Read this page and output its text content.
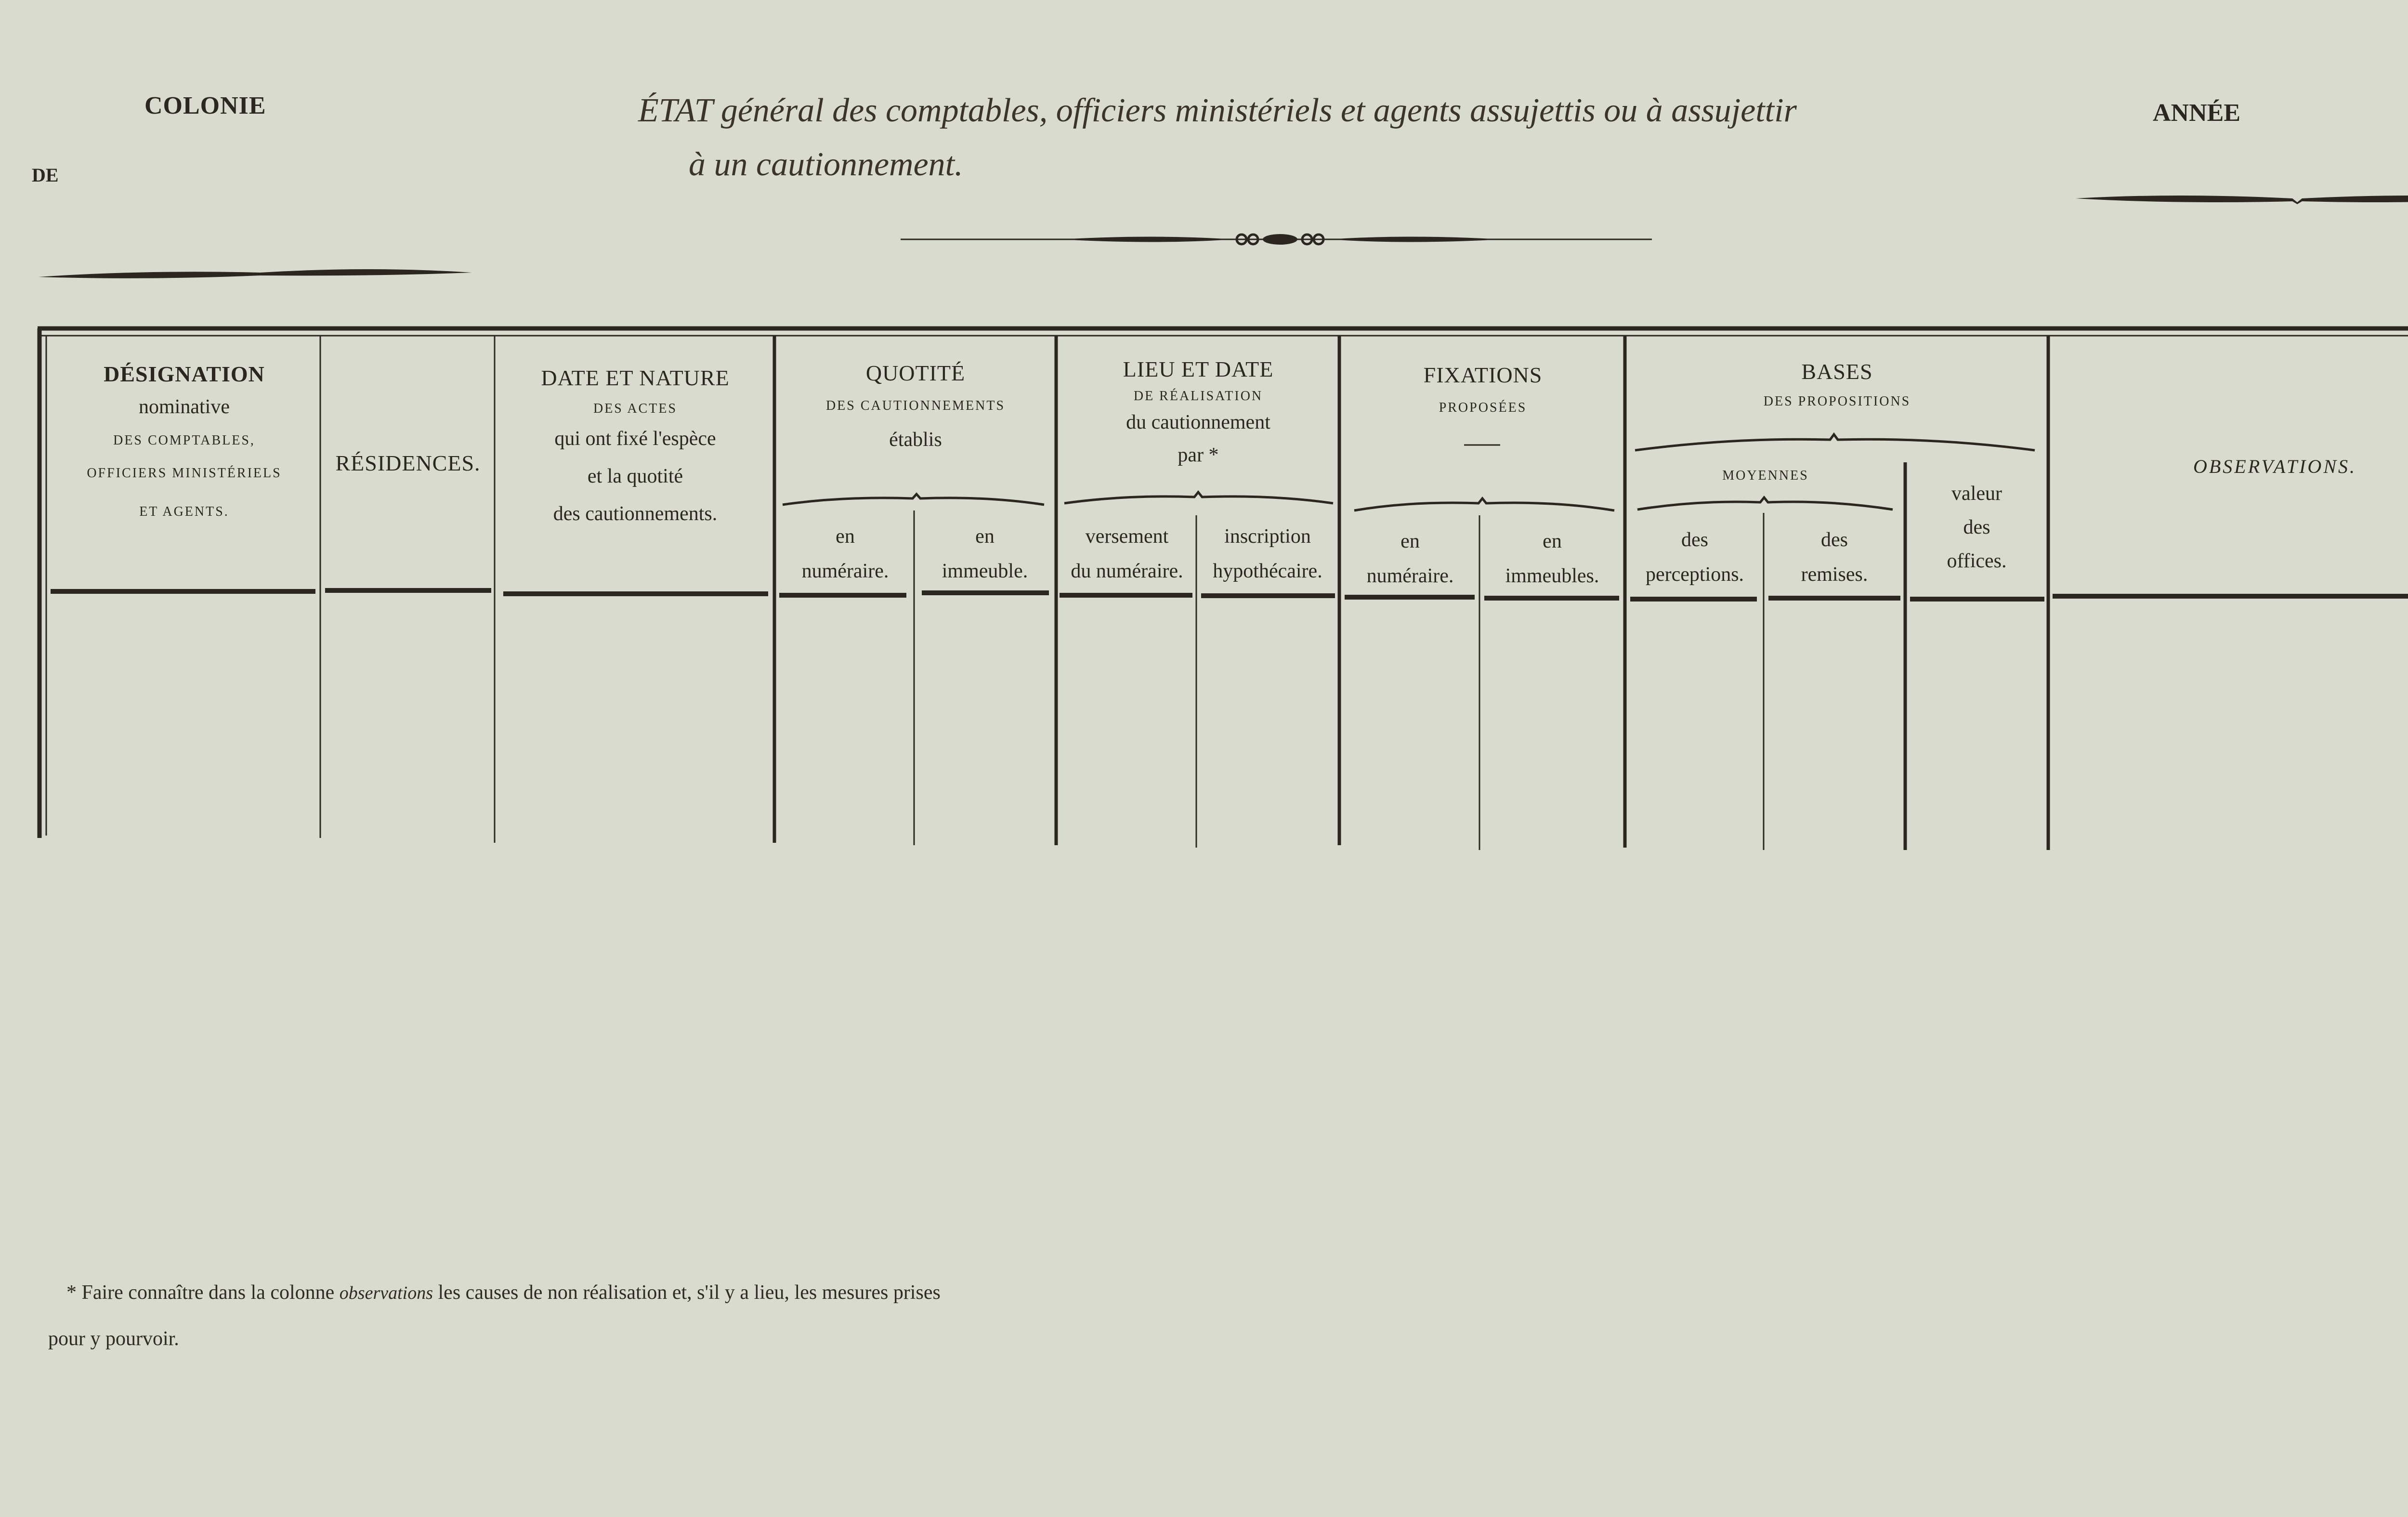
COLONIE
DE
ANNÉE
ÉTAT général des comptables, officiers ministériels et agents assujettis ou à assujettir
à un cautionnement.
DÉSIGNATION
nominative
DES COMPTABLES,
OFFICIERS MINISTÉRIELS
ET AGENTS.
RÉSIDENCES.
DATE ET NATURE
DES ACTES
qui ont fixé l'espèce
et la quotité
des cautionnements.
QUOTITÉ
DES CAUTIONNEMENTS
établis
en
numéraire.
en
immeuble.
LIEU ET DATE
DE RÉALISATION
du cautionnement
par *
versement
du numéraire.
inscription
hypothécaire.
FIXATIONS
PROPOSÉES
en
numéraire.
en
immeubles.
BASES
DES PROPOSITIONS
MOYENNES
des
perceptions.
des
remises.
valeur
des
offices.
OBSERVATIONS.
* Faire connaître dans la colonne observations les causes de non réalisation et, s'il y a lieu, les mesures prises
pour y pourvoir.
